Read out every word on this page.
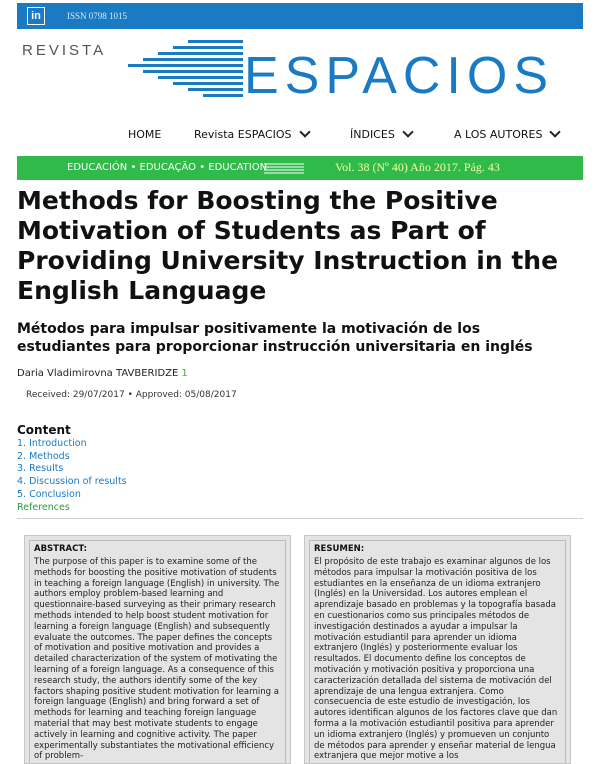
in	ISSN 0798 1015
REVISTA	ESPACIOS
HOME	Revista ESPACIOS	ÍNDICES	A LOS AUTORES
EDUCACIÓN • EDUCAÇÃO • EDUCATION	Vol. 38 (Nº 40) Año 2017. Pág. 43
Methods for Boosting the Positive Motivation of Students as Part of Providing University Instruction in the English Language
Métodos para impulsar positivamente la motivación de los estudiantes para proporcionar instrucción universitaria en inglés
Daria Vladimirovna TAVBERIDZE 1
Received: 29/07/2017 • Approved: 05/08/2017
Content
1. Introduction
2. Methods
3. Results
4. Discussion of results
5. Conclusion
References
ABSTRACT:
The purpose of this paper is to examine some of the methods for boosting the positive motivation of students in teaching a foreign language (English) in university. The authors employ problem-based learning and questionnaire-based surveying as their primary research methods intended to help boost student motivation for learning a foreign language (English) and subsequently evaluate the outcomes. The paper defines the concepts of motivation and positive motivation and provides a detailed characterization of the system of motivating the learning of a foreign language. As a consequence of this research study, the authors identify some of the key factors shaping positive student motivation for learning a foreign language (English) and bring forward a set of methods for learning and teaching foreign language material that may best motivate students to engage actively in learning and cognitive activity. The paper experimentally substantiates the motivational efficiency of problem-
RESUMEN:
El propósito de este trabajo es examinar algunos de los métodos para impulsar la motivación positiva de los estudiantes en la enseñanza de un idioma extranjero (Inglés) en la Universidad. Los autores emplean el aprendizaje basado en problemas y la topografía basada en cuestionarios como sus principales métodos de investigación destinados a ayudar a impulsar la motivación estudiantil para aprender un idioma extranjero (Inglés) y posteriormente evaluar los resultados. El documento define los conceptos de motivación y motivación positiva y proporciona una caracterización detallada del sistema de motivación del aprendizaje de una lengua extranjera. Como consecuencia de este estudio de investigación, los autores identifican algunos de los factores clave que dan forma a la motivación estudiantil positiva para aprender un idioma extranjero (Inglés) y promueven un conjunto de métodos para aprender y enseñar material de lengua extranjera que mejor motive a los
